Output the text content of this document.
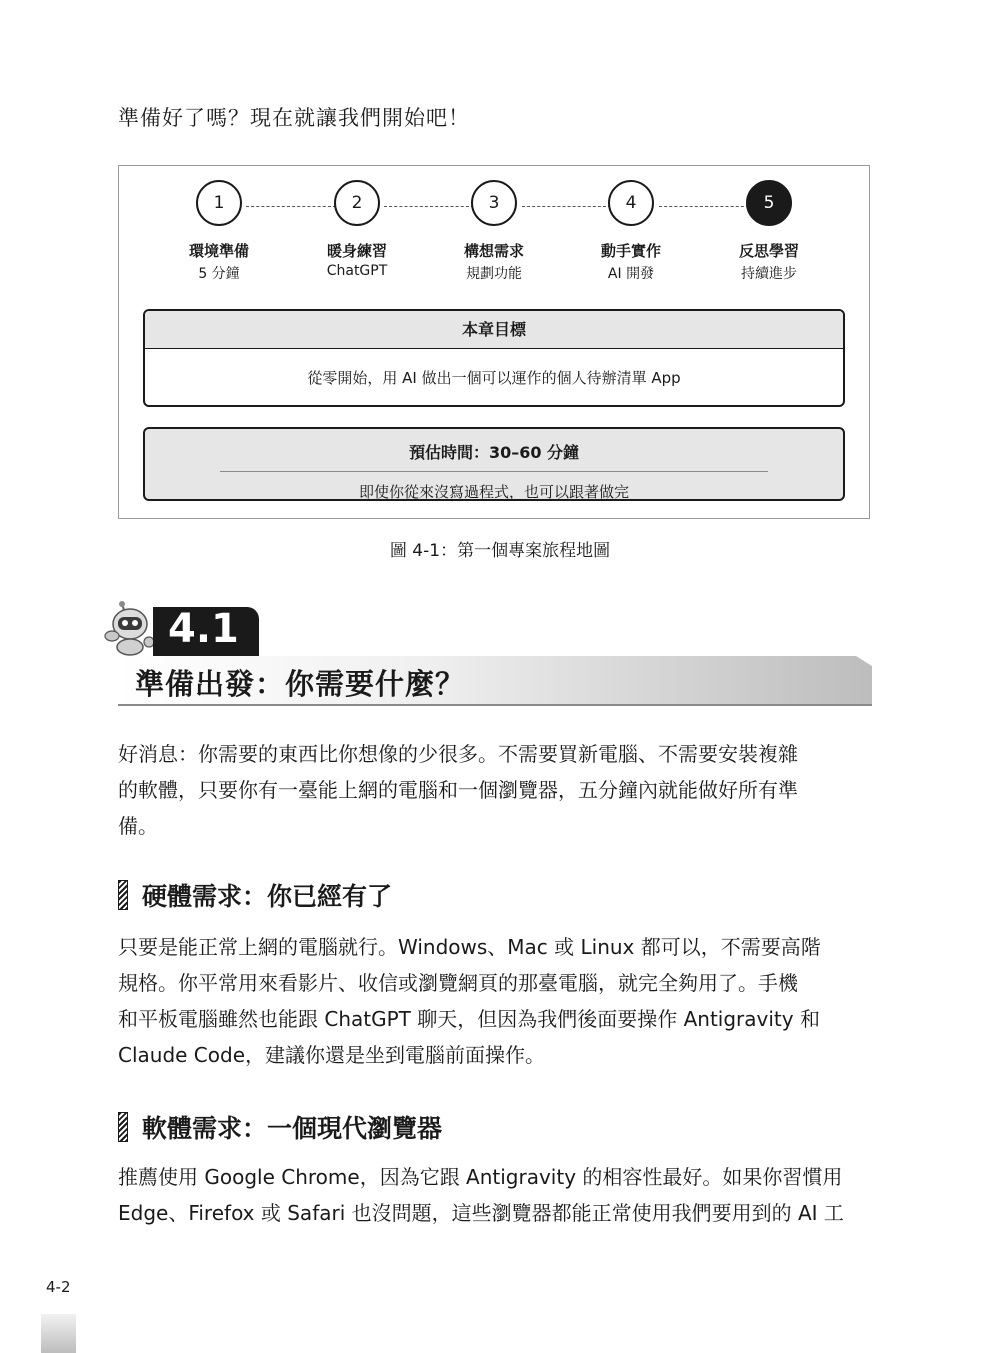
準備好了嗎？現在就讓我們開始吧！
1
環境準備
5 分鐘
2
暖身練習
ChatGPT
3
構想需求
規劃功能
4
動手實作
AI 開發
5
反思學習
持續進步
本章目標
從零開始，用 AI 做出一個可以運作的個人待辦清單 App
預估時間：30–60 分鐘
即使你從來沒寫過程式，也可以跟著做完
圖 4-1：第一個專案旅程地圖
4.1
準備出發：你需要什麼？
好消息：你需要的東西比你想像的少很多。不需要買新電腦、不需要安裝複雜
的軟體，只要你有一臺能上網的電腦和一個瀏覽器，五分鐘內就能做好所有準
備。
硬體需求：你已經有了
只要是能正常上網的電腦就行。Windows、Mac 或 Linux 都可以，不需要高階
規格。你平常用來看影片、收信或瀏覽網頁的那臺電腦，就完全夠用了。手機
和平板電腦雖然也能跟 ChatGPT 聊天，但因為我們後面要操作 Antigravity 和
Claude Code，建議你還是坐到電腦前面操作。
軟體需求：一個現代瀏覽器
推薦使用 Google Chrome，因為它跟 Antigravity 的相容性最好。如果你習慣用
Edge、Firefox 或 Safari 也沒問題，這些瀏覽器都能正常使用我們要用到的 AI 工
4-2
